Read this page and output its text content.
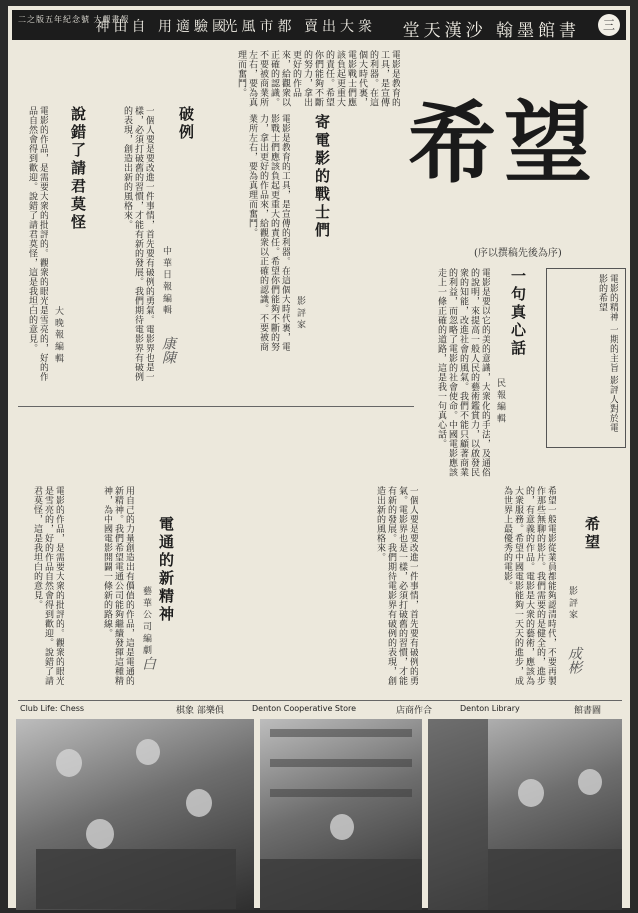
二之版五年紀念號 大觀畫報
神由自 用適驗國
光風市都 賣出大衆 堂天漢沙 翰墨館書	三
希望
(序以撰稿先後為序)
一句真心話
民 報 編 輯
電影是要以它的美的意識，大衆化的手法，及通俗的說明，來提高一般人民的藝術鑑賞力，以啟發民衆的知能，改進社會的風氣。我們不能只顧著商業的利益，而忽略了電影的社會使命。中國電影應該走上一條正確的道路，這是我一句真心話。	電影的精神 一期的主旨 影評人對於電影的希望
電影是教育的工具，是宣傳的利器。在這個大時代裏，電影戰士們應該負起更重大的責任。希望你們能夠不斷的努力，拿出更好的作品來，給觀衆以正確的認識。不要被商業所左右，要為真理而奮鬥。
寄電影的戰士們
影 評 家
電影是教育的工具，是宣傳的利器。在這個大時代裏，電影戰士們應該負起更重大的責任。希望你們能夠不斷的努力，拿出更好的作品來，給觀衆以正確的認識。不要被商業所左右，要為真理而奮鬥。
破例
中 華 日 報 編 輯
康陳
一個人要是要改進一件事情，首先要有破例的勇氣。電影界也是一樣，必須打破舊的習慣，才能有新的發展。我們期待電影界有破例的表現，創造出新的風格來。
說錯了請君莫怪
大 晚 報 編 輯
電影的作品，是需要大衆的批評的。觀衆的眼光是雪亮的，好的作品自然會得到歡迎。說錯了請君莫怪，這是我坦白的意見。
希望
影 評 家
成彬
希望一般電影從業員都能夠認清時代，不要再製作那些無聊的影片。我們需要的是健全的，進步的，有意義的作品。電影是大衆的藝術，應該為大衆服務。希望中國電影能夠一天天的進步，成為世界上最優秀的電影。
一個人要是要改進一件事情，首先要有破例的勇氣。電影界也是一樣，必須打破舊的習慣，才能有新的發展。我們期待電影界有破例的表現，創造出新的風格來。
電通的新精神
藝 華 公 司 編 劇
白
用自己的力量創造出有價值的作品，這是電通的新精神。我們希望電通公司能夠繼續發揮這種精神，為中國電影開闢一條新的路線。
電影的作品，是需要大衆的批評的。觀衆的眼光是雪亮的，好的作品自然會得到歡迎。說錯了請君莫怪，這是我坦白的意見。
Club Life: Chess	棋象 部樂俱	Denton Cooperative Store	店商作合	Denton Library	館書圖
